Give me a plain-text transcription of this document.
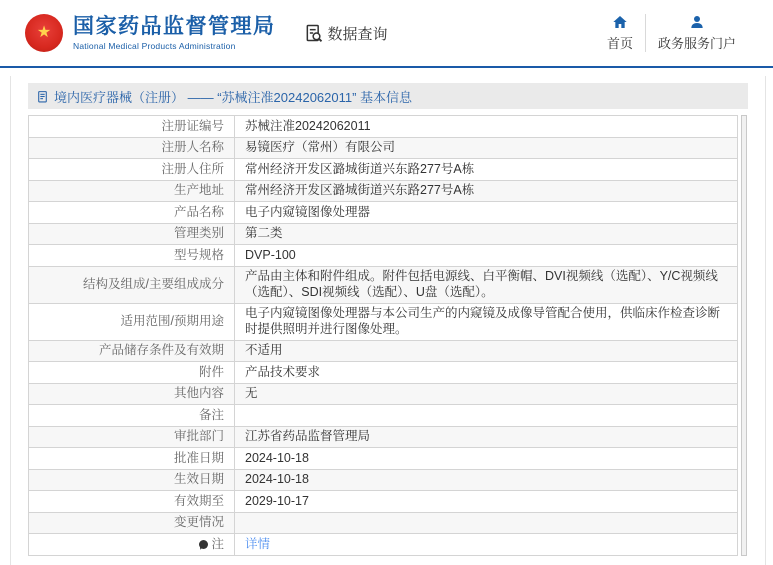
★	国家药品监督管理局
National Medical Products Administration
数据查询
首页 政务服务门户
境内医疗器械（注册） —— “苏械注准20242062011” 基本信息
注册证编号	苏械注准20242062011
注册人名称	易镜医疗（常州）有限公司
注册人住所	常州经济开发区潞城街道兴东路277号A栋
生产地址	常州经济开发区潞城街道兴东路277号A栋
产品名称	电子内窥镜图像处理器
管理类别	第二类
型号规格	DVP-100
结构及组成/主要组成成分	产品由主体和附件组成。附件包括电源线、白平衡帽、DVI视频线（选配）、Y/C视频线（选配）、SDI视频线（选配）、U盘（选配）。
适用范围/预期用途	电子内窥镜图像处理器与本公司生产的内窥镜及成像导管配合使用，供临床作检查诊断时提供照明并进行图像处理。
产品储存条件及有效期	不适用
附件	产品技术要求
其他内容	无
备注	
审批部门	江苏省药品监督管理局
批准日期	2024-10-18
生效日期	2024-10-18
有效期至	2029-10-17
变更情况	
注	详情
